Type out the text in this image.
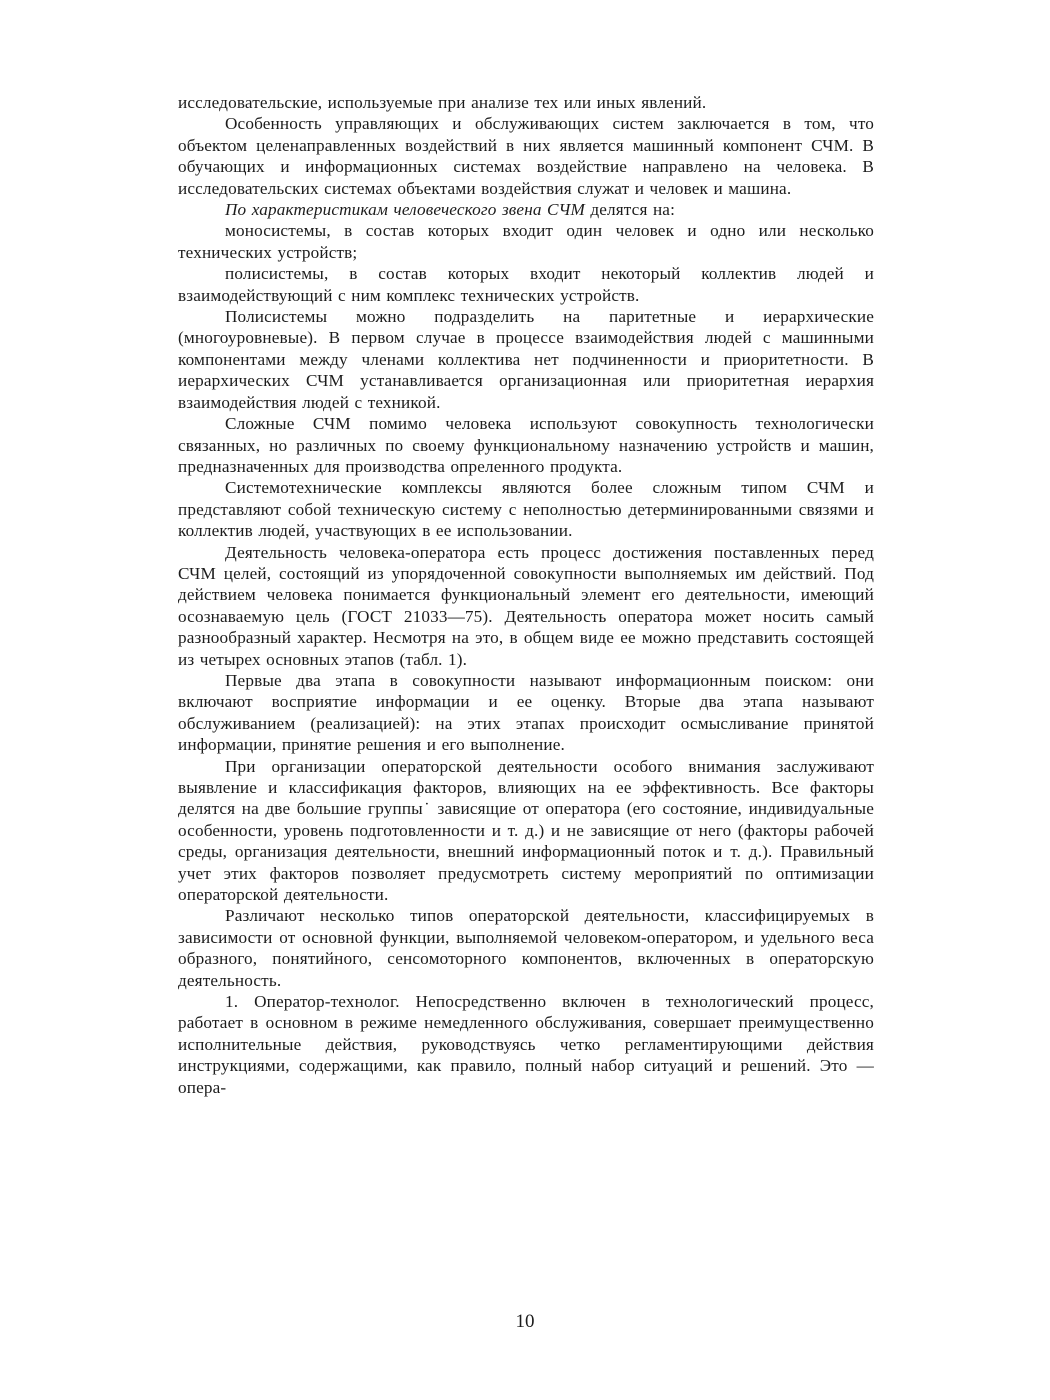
исследовательские, используемые при анализе тех или иных явлений.

Особенность управляющих и обслуживающих систем заключается в том, что объектом целенаправленных воздействий в них является машинный компонент СЧМ. В обучающих и информационных системах воздействие направлено на человека. В исследовательских системах объектами воздействия служат и человек и машина.

По характеристикам человеческого звена СЧМ делятся на:

моносистемы, в состав которых входит один человек и одно или несколько технических устройств;

полисистемы, в состав которых входит некоторый коллектив людей и взаимодействующий с ним комплекс технических устройств.

Полисистемы можно подразделить на паритетные и иерархические (многоуровневые). В первом случае в процессе взаимодействия людей с машинными компонентами между членами коллектива нет подчиненности и приоритетности. В иерархических СЧМ устанавливается организационная или приоритетная иерархия взаимодействия людей с техникой.

Сложные СЧМ помимо человека используют совокупность технологически связанных, но различных по своему функциональному назначению устройств и машин, предназначенных для производства опреленного продукта.

Системотехнические комплексы являются более сложным типом СЧМ и представляют собой техническую систему с неполностью детерминированными связями и коллектив людей, участвующих в ее использовании.

Деятельность человека-оператора есть процесс достижения поставленных перед СЧМ целей, состоящий из упорядоченной совокупности выполняемых им действий. Под действием человека понимается функциональный элемент его деятельности, имеющий осознаваемую цель (ГОСТ 21033—75). Деятельность оператора может носить самый разнообразный характер. Несмотря на это, в общем виде ее можно представить состоящей из четырех основных этапов (табл. 1).

Первые два этапа в совокупности называют информационным поиском: они включают восприятие информации и ее оценку. Вторые два этапа называют обслуживанием (реализацией): на этих этапах происходит осмысливание принятой информации, принятие решения и его выполнение.

При организации операторской деятельности особого внимания заслуживают выявление и классификация факторов, влияющих на ее эффективность. Все факторы делятся на две большие группы˙ зависящие от оператора (его состояние, индивидуальные особенности, уровень подготовленности и т. д.) и не зависящие от него (факторы рабочей среды, организация деятельности, внешний информационный поток и т. д.). Правильный учет этих факторов позволяет предусмотреть систему мероприятий по оптимизации операторской деятельности.

Различают несколько типов операторской деятельности, классифицируемых в зависимости от основной функции, выполняемой человеком-оператором, и удельного веса образного, понятийного, сенсомоторного компонентов, включенных в операторскую деятельность.

1. Оператор-технолог. Непосредственно включен в технологический процесс, работает в основном в режиме немедленного обслуживания, совершает преимущественно исполнительные действия, руководствуясь четко регламентирующими действия инструкциями, содержащими, как правило, полный набор ситуаций и решений. Это — опера-

10
